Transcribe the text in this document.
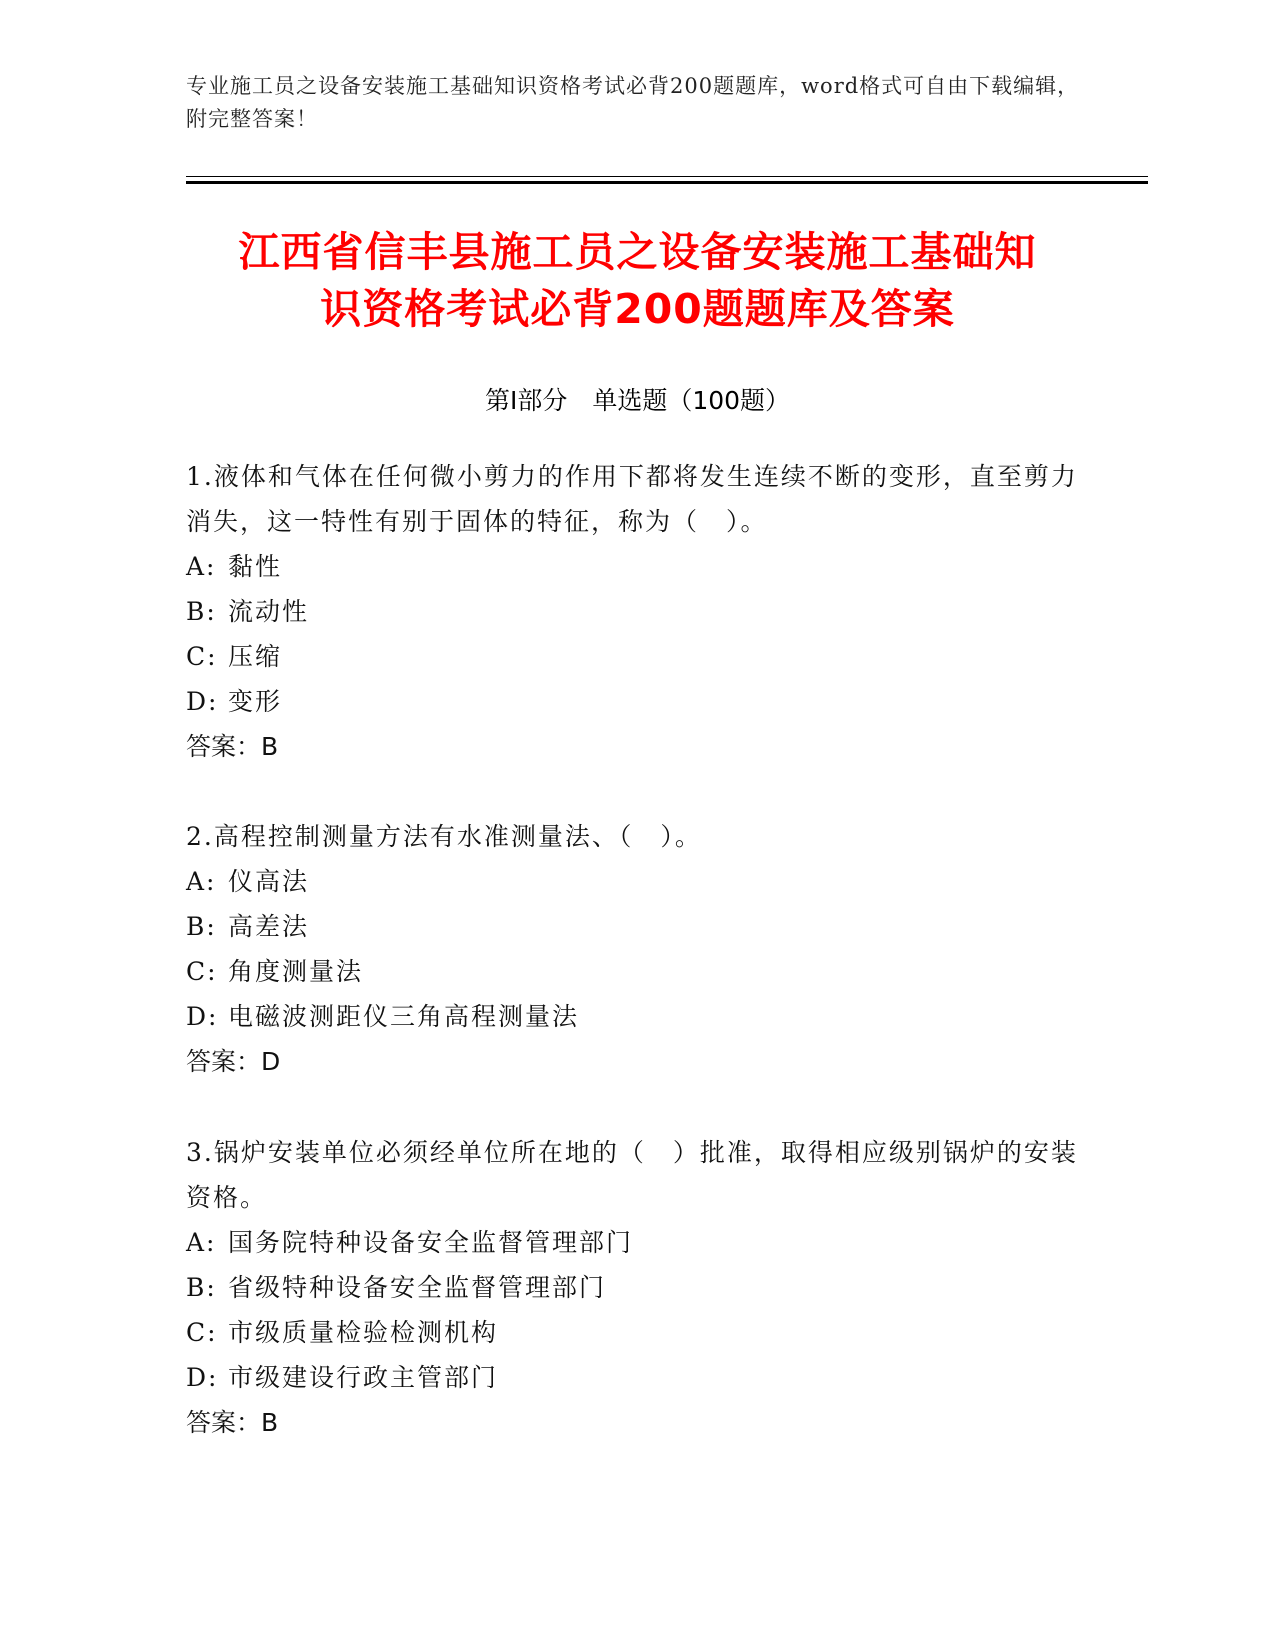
专业施工员之设备安装施工基础知识资格考试必背200题题库，word格式可自由下载编辑，附完整答案！
江西省信丰县施工员之设备安装施工基础知
识资格考试必背200题题库及答案
第Ⅰ部分　单选题（100题）

1.液体和气体在任何微小剪力的作用下都将发生连续不断的变形，直至剪力消失，这一特性有别于固体的特征，称为（　）。

A: 黏性

B: 流动性

C: 压缩

D: 变形

答案：B

2.高程控制测量方法有水准测量法、（　）。

A: 仪高法

B: 高差法

C: 角度测量法

D: 电磁波测距仪三角高程测量法

答案：D

3.锅炉安装单位必须经单位所在地的（　）批准，取得相应级别锅炉的安装资格。

A: 国务院特种设备安全监督管理部门

B: 省级特种设备安全监督管理部门

C: 市级质量检验检测机构

D: 市级建设行政主管部门

答案：B
